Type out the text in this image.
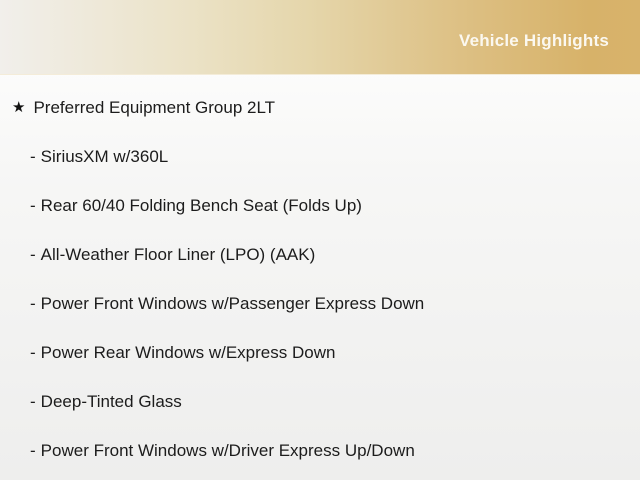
Vehicle Highlights
★ Preferred Equipment Group 2LT
- SiriusXM w/360L
- Rear 60/40 Folding Bench Seat (Folds Up)
- All-Weather Floor Liner (LPO) (AAK)
- Power Front Windows w/Passenger Express Down
- Power Rear Windows w/Express Down
- Deep-Tinted Glass
- Power Front Windows w/Driver Express Up/Down
